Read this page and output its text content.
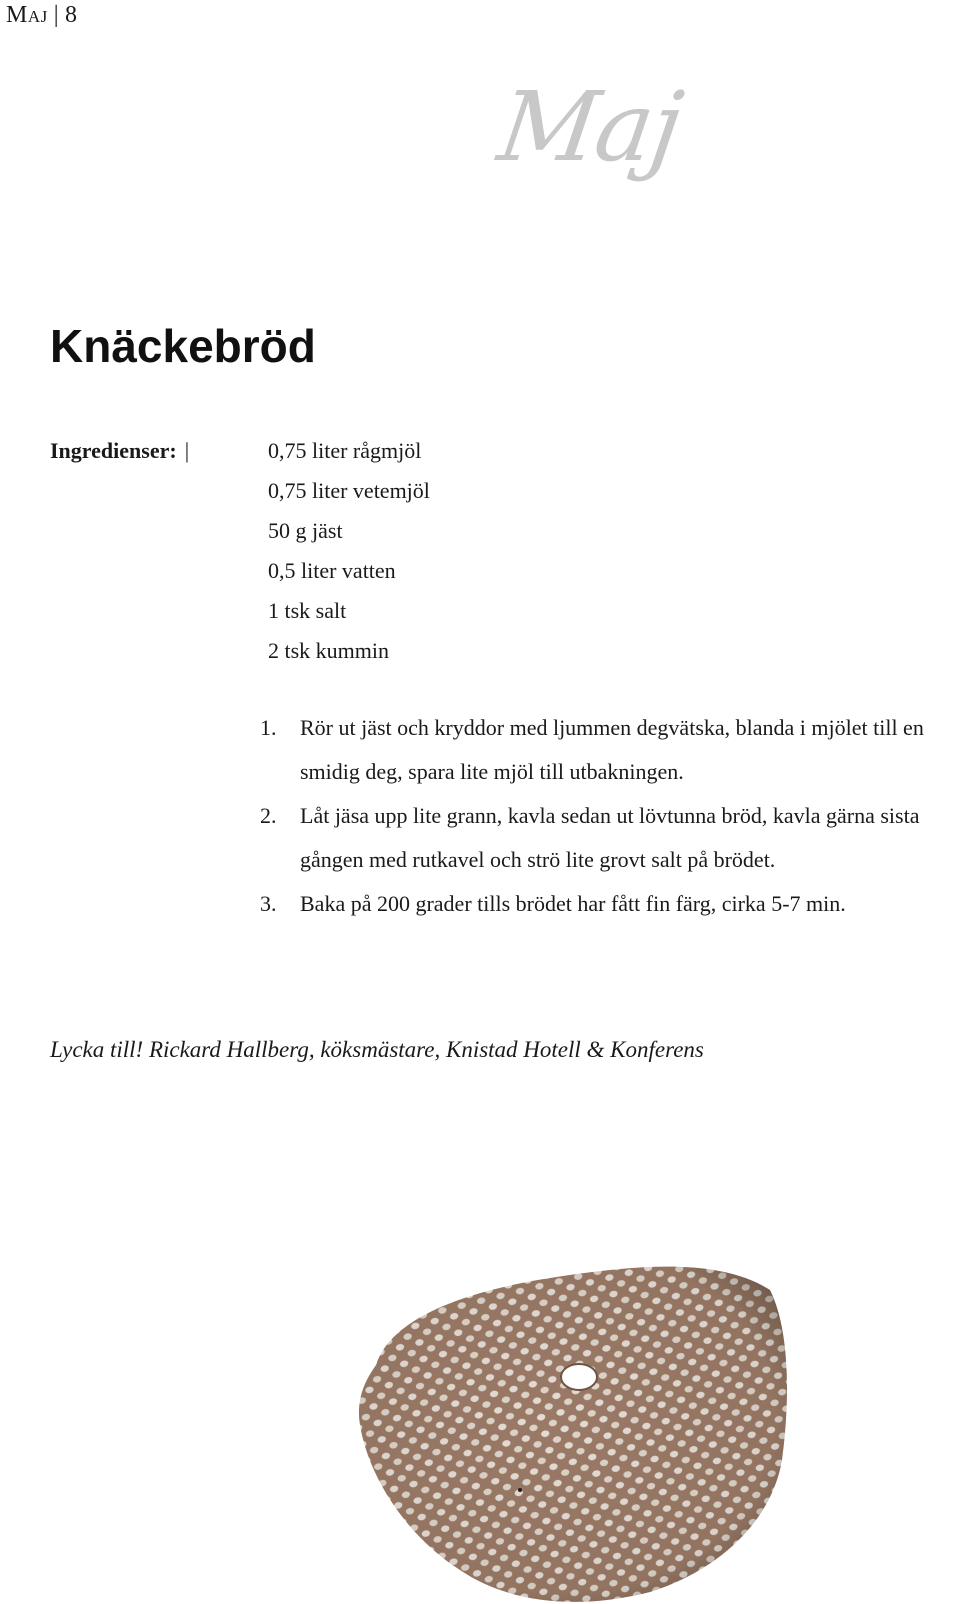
Maj | 8
Maj
Knäckebröd
Ingredienser: |	0,75 liter rågmjöl
0,75 liter vetemjöl
50 g jäst
0,5 liter vatten
1 tsk salt
2 tsk kummin
1. Rör ut jäst och kryddor med ljummen degvätska, blanda i mjölet till en smidig deg, spara lite mjöl till utbakningen.
2. Låt jäsa upp lite grann, kavla sedan ut lövtunna bröd, kavla gärna sista gången med rutkavel och strö lite grovt salt på brödet.
3. Baka på 200 grader tills brödet har fått fin färg, cirka 5-7 min.
Lycka till! Rickard Hallberg, köksmästare, Knistad Hotell & Konferens
